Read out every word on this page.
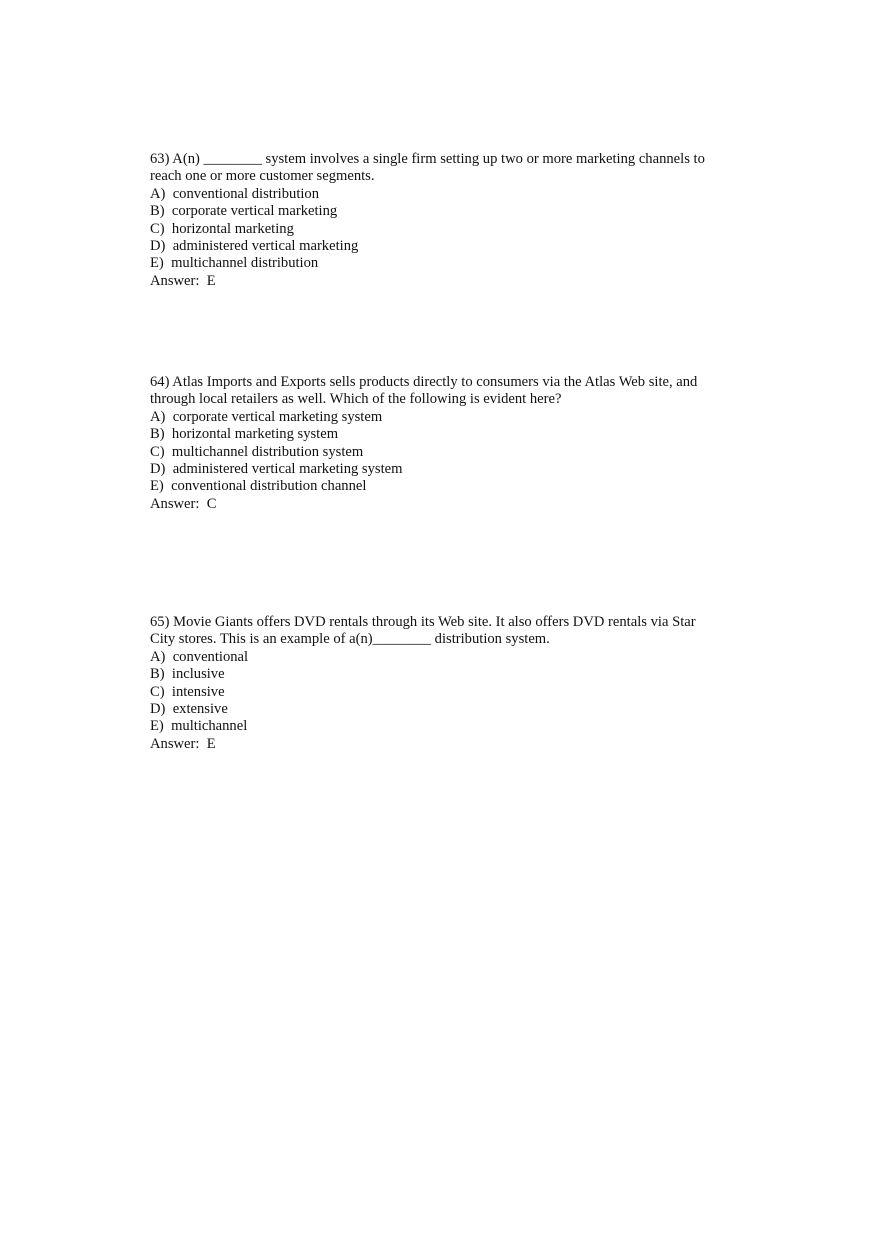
63) A(n) ________ system involves a single firm setting up two or more marketing channels to

reach one or more customer segments.

A)  conventional distribution

B)  corporate vertical marketing

C)  horizontal marketing

D)  administered vertical marketing

E)  multichannel distribution

Answer:  E

64) Atlas Imports and Exports sells products directly to consumers via the Atlas Web site, and

through local retailers as well. Which of the following is evident here?

A)  corporate vertical marketing system

B)  horizontal marketing system

C)  multichannel distribution system

D)  administered vertical marketing system

E)  conventional distribution channel

Answer:  C

65) Movie Giants offers DVD rentals through its Web site. It also offers DVD rentals via Star

City stores. This is an example of a(n)________ distribution system.

A)  conventional

B)  inclusive

C)  intensive

D)  extensive

E)  multichannel

Answer:  E
